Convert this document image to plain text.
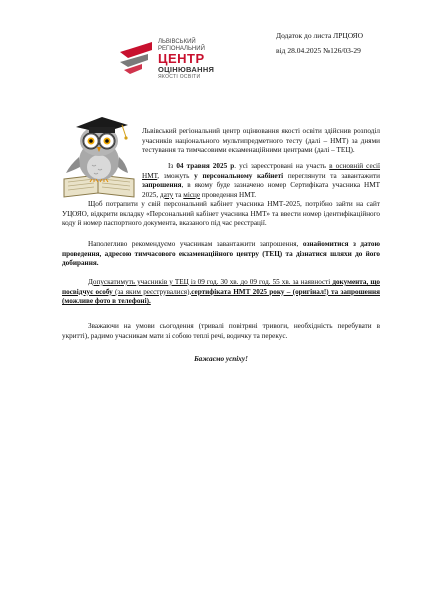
ЛЬВІВСЬКИЙ
РЕГІОНАЛЬНИЙ
ЦЕНТР
ОЦІНЮВАННЯ
ЯКОСТІ ОСВІТИ
Додаток до листа ЛРЦОЯО
від 28.04.2025 №126/03-29

Львівський регіональний центр оцінювання якості освіти здійснив розподіл учасників національного мультипредметного тесту (далі – НМТ) за днями тестування та тимчасовими екзаменаційними центрами (далі – ТЕЦ).

Із 04 травня 2025 р. усі зареєстровані на участь в основній сесії НМТ, зможуть у персональному кабінеті переглянути та завантажити запрошення, в якому буде зазначено номер Сертифіката учасника НМТ 2025, дату та місце проведення НМТ.

Щоб потрапити у свій персональний кабінет учасника НМТ-2025, потрібно зайти на сайт УЦОЯО, відкрити вкладку «Персональний кабінет учасника НМТ» та ввести номер ідентифікаційного коду й номер паспортного документа, вказаного під час реєстрації.

Наполегливо рекомендуємо учасникам завантажити запрошення, ознайомитися з датою проведення, адресою тимчасового екзаменаційного центру (ТЕЦ) та дізнатися шляхи до його добирання.

Допускатимуть учасників у ТЕЦ із 09 год. 30 хв. до 09 год. 55 хв. за наявності документа, що посвідчує особу (за яким реєструвалися),сертифіката НМТ 2025 року – (оригінал!) та запрошення (можливе фото в телефоні).

Зважаючи на умови сьогодення (тривалі повітряні тривоги, необхідність перебувати в укритті), радимо учасникам мати зі собою теплі речі, водичку та перекус.

Бажаємо успіху!
